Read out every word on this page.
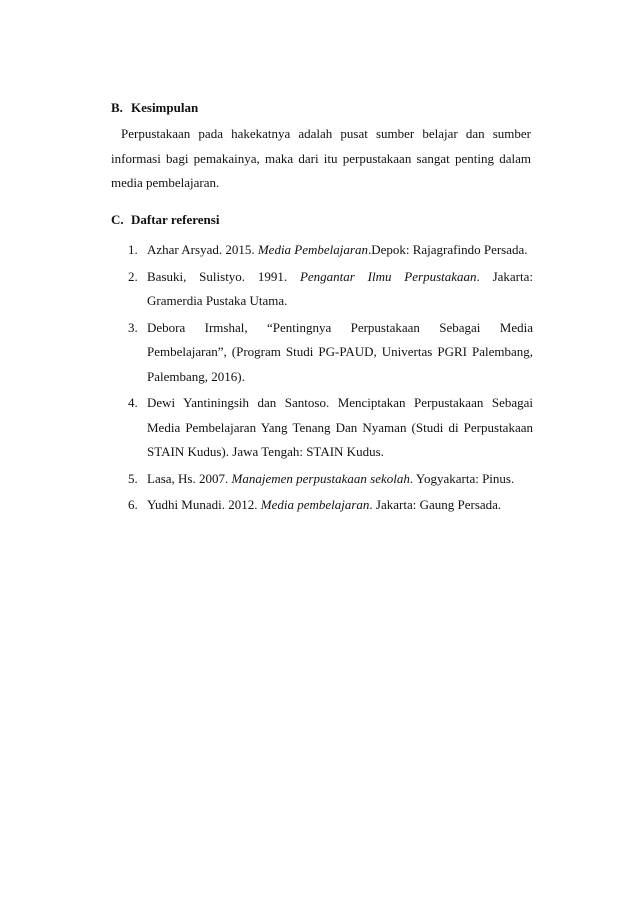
B. Kesimpulan
Perpustakaan pada hakekatnya adalah pusat sumber belajar dan sumber informasi bagi pemakainya, maka dari itu perpustakaan sangat penting dalam media pembelajaran.
C. Daftar referensi
1. Azhar Arsyad. 2015. Media Pembelajaran.Depok: Rajagrafindo Persada.
2. Basuki, Sulistyo. 1991. Pengantar Ilmu Perpustakaan. Jakarta: Gramerdia Pustaka Utama.
3. Debora Irmshal, “Pentingnya Perpustakaan Sebagai Media Pembelajaran”, (Program Studi PG-PAUD, Univertas PGRI Palembang, Palembang, 2016).
4. Dewi Yantiningsih dan Santoso. Menciptakan Perpustakaan Sebagai Media Pembelajaran Yang Tenang Dan Nyaman (Studi di Perpustakaan STAIN Kudus). Jawa Tengah: STAIN Kudus.
5. Lasa, Hs. 2007. Manajemen perpustakaan sekolah. Yogyakarta: Pinus.
6. Yudhi Munadi. 2012. Media pembelajaran. Jakarta: Gaung Persada.
